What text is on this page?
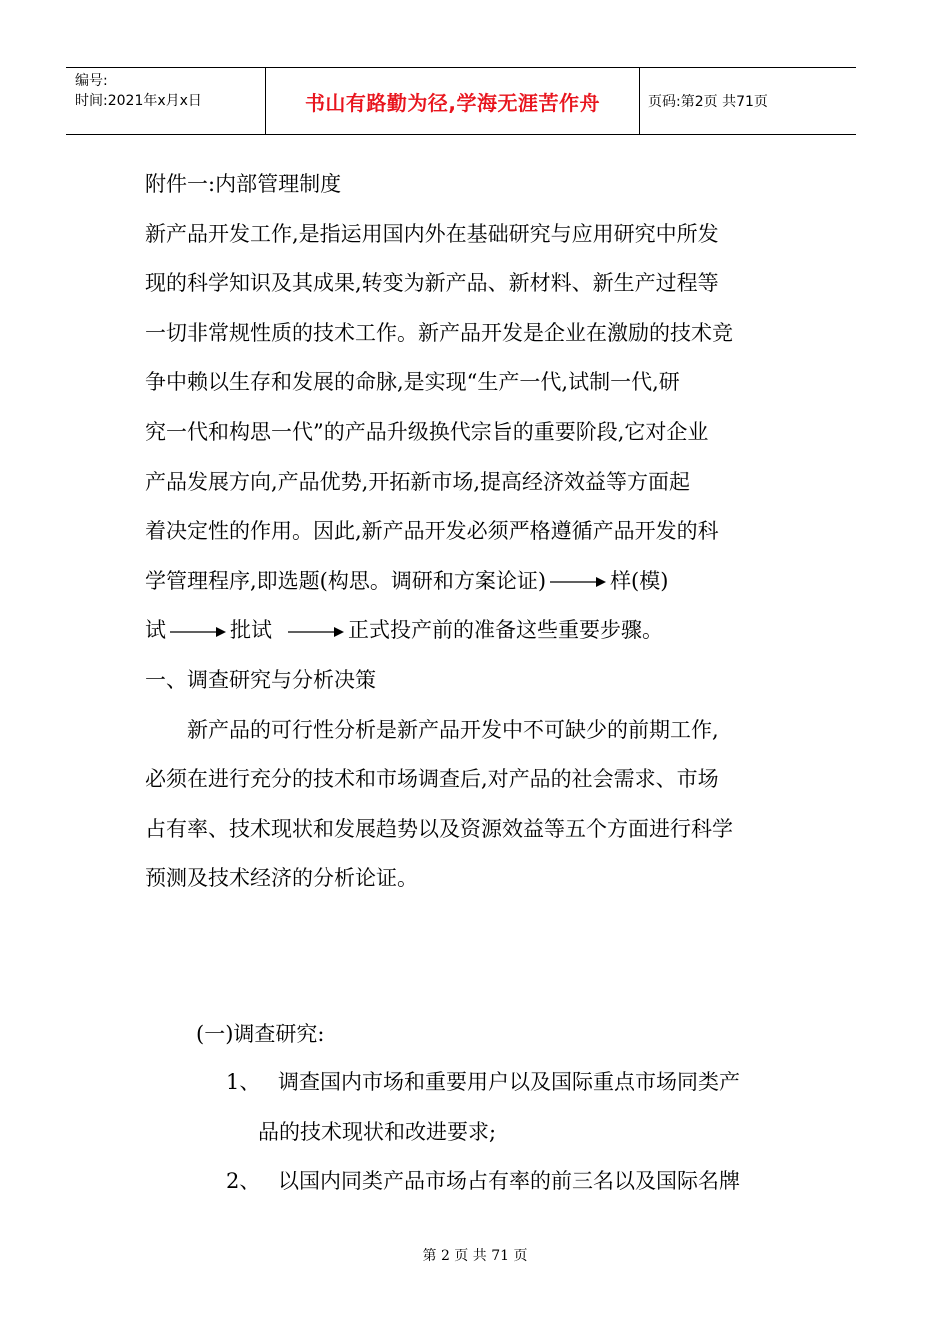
编号:
时间:2021年x月x日	书山有路勤为径,学海无涯苦作舟	页码:第2页 共71页
附件一:内部管理制度
新产品开发工作,是指运用国内外在基础研究与应用研究中所发
现的科学知识及其成果,转变为新产品、新材料、新生产过程等
一切非常规性质的技术工作。新产品开发是企业在激励的技术竞
争中赖以生存和发展的命脉,是实现“生产一代,试制一代,研
究一代和构思一代”的产品升级换代宗旨的重要阶段,它对企业
产品发展方向,产品优势,开拓新市场,提高经济效益等方面起
着决定性的作用。因此,新产品开发必须严格遵循产品开发的科
学管理程序,即选题(构思。调研和方案论证)	样(模)
试	批试	正式投产前的准备这些重要步骤。
一、调查研究与分析决策
新产品的可行性分析是新产品开发中不可缺少的前期工作,
必须在进行充分的技术和市场调查后,对产品的社会需求、市场
占有率、技术现状和发展趋势以及资源效益等五个方面进行科学
预测及技术经济的分析论证。
(一)调查研究:
1、 调查国内市场和重要用户以及国际重点市场同类产
品的技术现状和改进要求;
2、 以国内同类产品市场占有率的前三名以及国际名牌
第 2 页 共 71 页
